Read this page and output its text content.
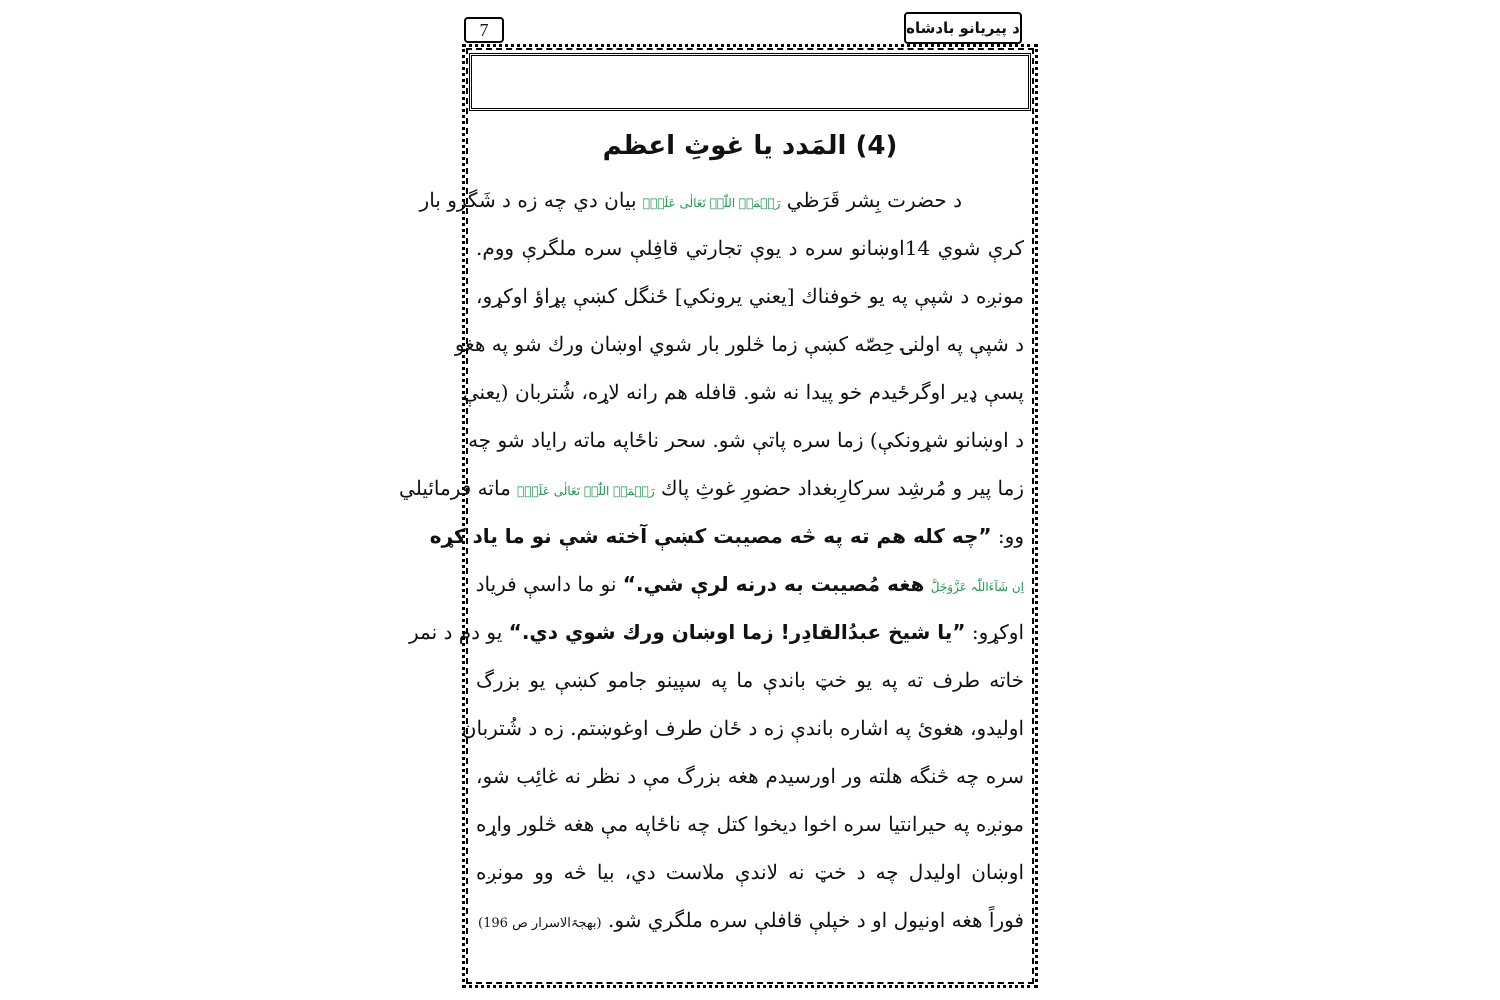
7	د پيريانو بادشاه
(4) المَدد يا غوثِ اعظم
د حضرت بِشر قَرَظي رَحۡمَۃُ اللّٰہِ تَعَالٰی عَلَیۡہ بيان دي چه زه د شَگرو بار
كرې شوي 14اوښانو سره د يوې تجارتي قافِلې سره ملگرې ووم.
مونږه د شپې په يو خوفناك [يعني يرونكي] ځنگل كښې پړاؤ اوكړو،
د شپې په اولنۍ حِصّه كښې زما څلور بار شوي اوښان ورك شو په هغو
پسې ډير اوگرځيدم خو پيدا نه شو. قافله هم رانه لاړه، شُتربان (يعنې
د اوښانو شړونكې) زما سره پاتې شو. سحر ناځاپه ماته راياد شو چه
زما پير و مُرشِد سركارِبغداد حضورِ غوثِ پاك رَحۡمَۃُ اللّٰہِ تَعَالٰی عَلَیۡہ ماته فرمائيلي
وو: ”چه كله هم ته په څه مصيبت كښې آخته شې نو ما ياد كړه
اِن شَآءَاللّٰہ عَزَّوَجَلَّ هغه مُصيبت به درنه لرې شي.“ نو ما داسې فرياد
اوكړو: ”يا شيخ عبدُالقادِر! زما اوښان ورك شوي دي.“ يو دم د نمر
خاته طرف ته په يو خټ باندې ما په سپينو جامو كښې يو بزرگ
اوليدو، هغوئ په اشاره باندې زه د ځان طرف اوغوښتم. زه د شُتربان
سره چه څنگه هلته ور اورسيدم هغه بزرگ مې د نظر نه غائِب شو،
مونږه په حيرانتيا سره اخوا ديخوا كتل چه ناځاپه مې هغه څلور واړه
اوښان اوليدل چه د خټ نه لاندې ملاست دي، بيا څه وو مونږه
فوراً هغه اونيول او د خپلې قافلې سره ملگري شو. (بهجۃالاسرار ص 196)
